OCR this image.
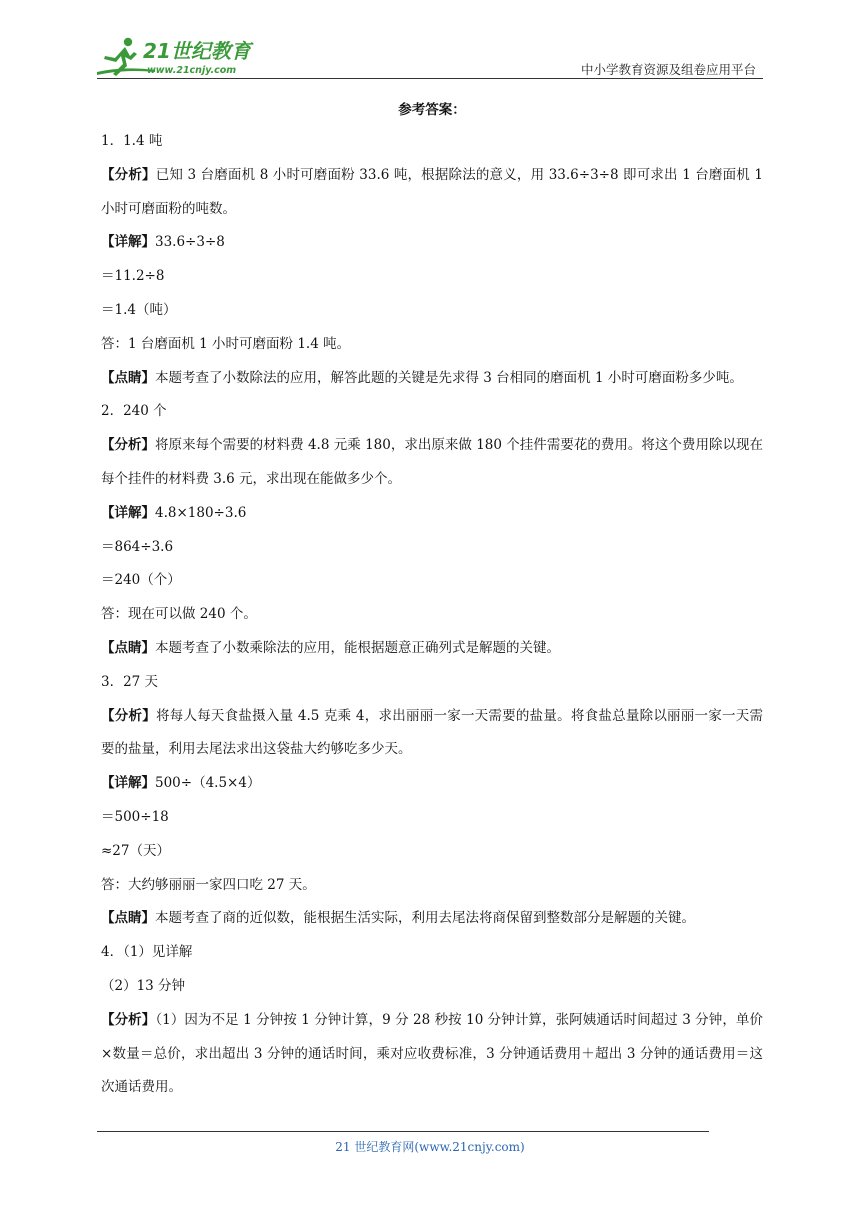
21世纪教育
www.21cnjy.com	中小学教育资源及组卷应用平台
参考答案：
1．1.4 吨
【分析】已知 3 台磨面机 8 小时可磨面粉 33.6 吨，根据除法的意义，用 33.6÷3÷8 即可求出 1 台磨面机 1 小时可磨面粉的吨数。
【详解】33.6÷3÷8
＝11.2÷8
＝1.4（吨）
答：1 台磨面机 1 小时可磨面粉 1.4 吨。
【点睛】本题考查了小数除法的应用，解答此题的关键是先求得 3 台相同的磨面机 1 小时可磨面粉多少吨。
2．240 个
【分析】将原来每个需要的材料费 4.8 元乘 180，求出原来做 180 个挂件需要花的费用。将这个费用除以现在每个挂件的材料费 3.6 元，求出现在能做多少个。
【详解】4.8×180÷3.6
＝864÷3.6
＝240（个）
答：现在可以做 240 个。
【点睛】本题考查了小数乘除法的应用，能根据题意正确列式是解题的关键。
3．27 天
【分析】将每人每天食盐摄入量 4.5 克乘 4，求出丽丽一家一天需要的盐量。将食盐总量除以丽丽一家一天需要的盐量，利用去尾法求出这袋盐大约够吃多少天。
【详解】500÷（4.5×4）
＝500÷18
≈27（天）
答：大约够丽丽一家四口吃 27 天。
【点睛】本题考查了商的近似数，能根据生活实际，利用去尾法将商保留到整数部分是解题的关键。
4．（1）见详解
（2）13 分钟
【分析】（1）因为不足 1 分钟按 1 分钟计算，9 分 28 秒按 10 分钟计算，张阿姨通话时间超过 3 分钟，单价×数量＝总价，求出超出 3 分钟的通话时间，乘对应收费标准，3 分钟通话费用＋超出 3 分钟的通话费用＝这次通话费用。
21 世纪教育网(www.21cnjy.com)
